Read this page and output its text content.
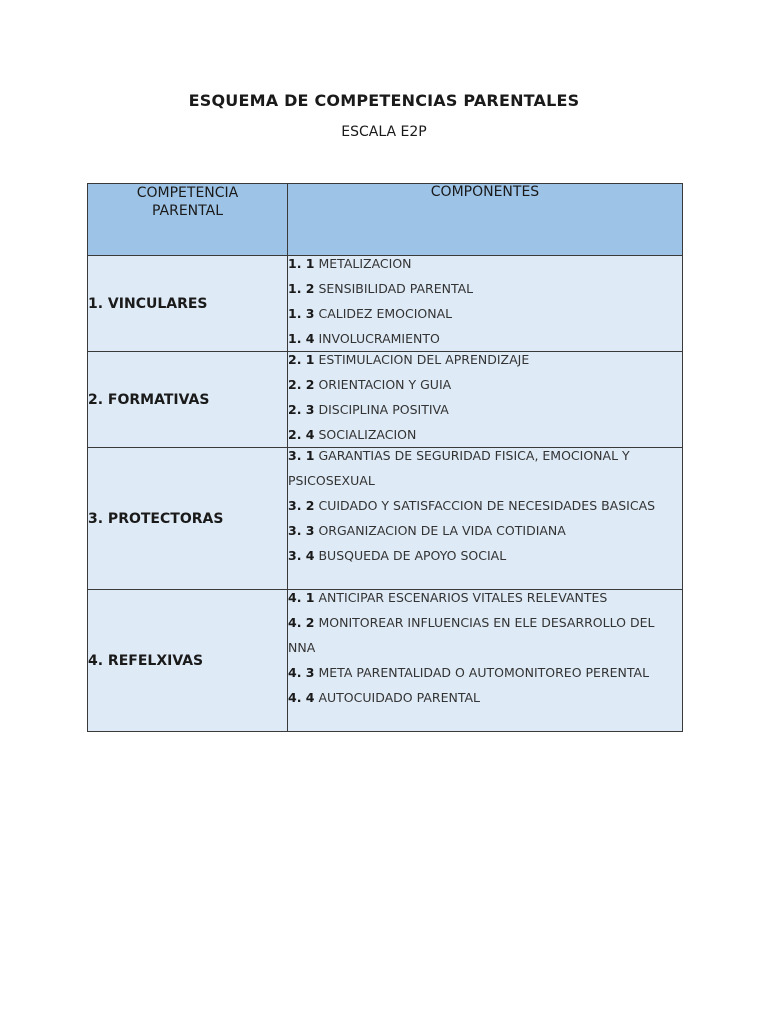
ESQUEMA DE COMPETENCIAS PARENTALES

ESCALA E2P

COMPETENCIA
PARENTAL	COMPONENTES
1. VINCULARES	1. 1 METALIZACION
1. 2 SENSIBILIDAD PARENTAL
1. 3 CALIDEZ EMOCIONAL
1. 4 INVOLUCRAMIENTO

2. FORMATIVAS	2. 1 ESTIMULACION DEL APRENDIZAJE
2. 2 ORIENTACION Y GUIA
2. 3 DISCIPLINA POSITIVA
2. 4 SOCIALIZACION

3. PROTECTORAS	3. 1 GARANTIAS DE SEGURIDAD FISICA, EMOCIONAL Y PSICOSEXUAL
3. 2 CUIDADO Y SATISFACCION DE NECESIDADES BASICAS
3. 3 ORGANIZACION DE LA VIDA COTIDIANA
3. 4 BUSQUEDA DE APOYO SOCIAL

4. REFELXIVAS	4. 1 ANTICIPAR ESCENARIOS VITALES RELEVANTES
4. 2 MONITOREAR INFLUENCIAS EN ELE DESARROLLO DEL NNA
4. 3 META PARENTALIDAD O AUTOMONITOREO PERENTAL
4. 4 AUTOCUIDADO PARENTAL
